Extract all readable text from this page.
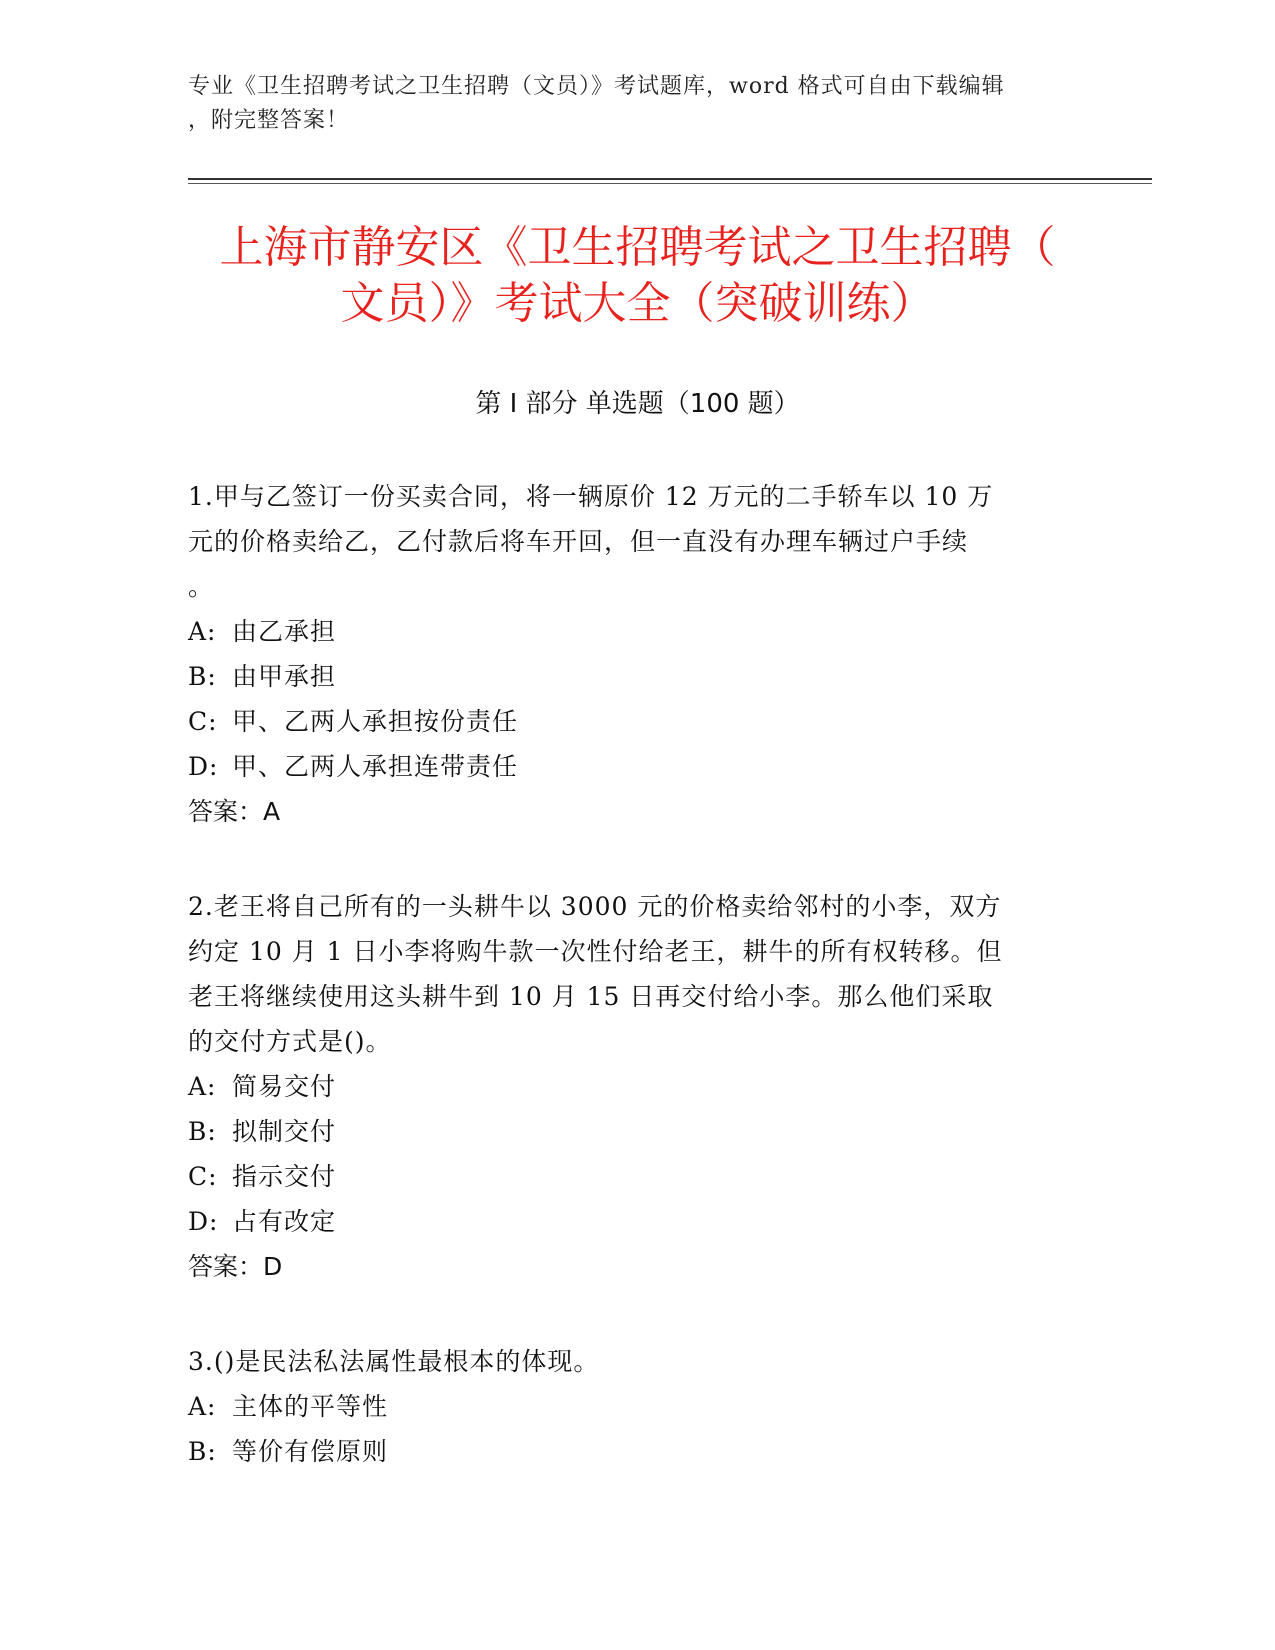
专业《卫生招聘考试之卫生招聘（文员）》考试题库，word 格式可自由下载编辑
，附完整答案！
上海市静安区《卫生招聘考试之卫生招聘（
文员）》考试大全（突破训练）
第 I 部分 单选题（100 题）

1.甲与乙签订一份买卖合同，将一辆原价 12 万元的二手轿车以 10 万

元的价格卖给乙，乙付款后将车开回，但一直没有办理车辆过户手续

。

A: 由乙承担

B: 由甲承担

C: 甲、乙两人承担按份责任

D: 甲、乙两人承担连带责任

答案：A

2.老王将自己所有的一头耕牛以 3000 元的价格卖给邻村的小李，双方

约定 10 月 1 日小李将购牛款一次性付给老王，耕牛的所有权转移。但

老王将继续使用这头耕牛到 10 月 15 日再交付给小李。那么他们采取

的交付方式是()。

A: 简易交付

B: 拟制交付

C: 指示交付

D: 占有改定

答案：D

3.()是民法私法属性最根本的体现。

A: 主体的平等性

B: 等价有偿原则
